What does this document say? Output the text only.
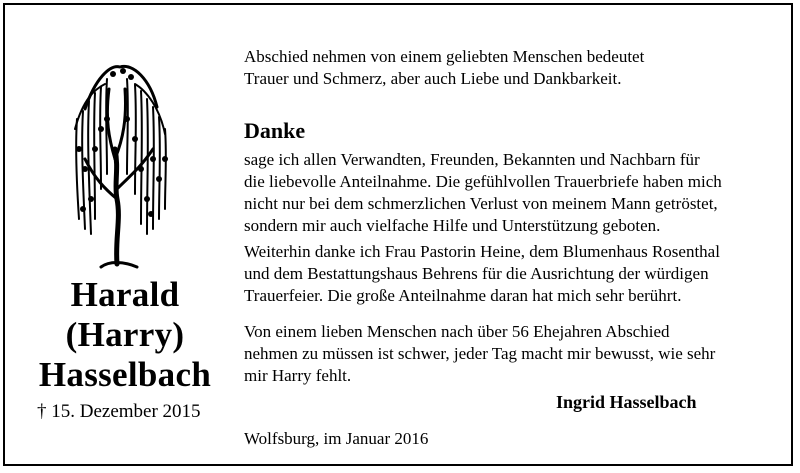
Harald
(Harry)
Hasselbach
† 15. Dezember 2015
Abschied nehmen von einem geliebten Menschen bedeutet
Trauer und Schmerz, aber auch Liebe und Dankbarkeit.
Danke
sage ich allen Verwandten, Freunden, Bekannten und Nachbarn für
die liebevolle Anteilnahme. Die gefühlvollen Trauerbriefe haben mich
nicht nur bei dem schmerzlichen Verlust von meinem Mann getröstet,
sondern mir auch vielfache Hilfe und Unterstützung geboten.
Weiterhin danke ich Frau Pastorin Heine, dem Blumenhaus Rosenthal
und dem Bestattungshaus Behrens für die Ausrichtung der würdigen
Trauerfeier. Die große Anteilnahme daran hat mich sehr berührt.
Von einem lieben Menschen nach über 56 Ehejahren Abschied
nehmen zu müssen ist schwer, jeder Tag macht mir bewusst, wie sehr
mir Harry fehlt.
Ingrid Hasselbach
Wolfsburg, im Januar 2016
